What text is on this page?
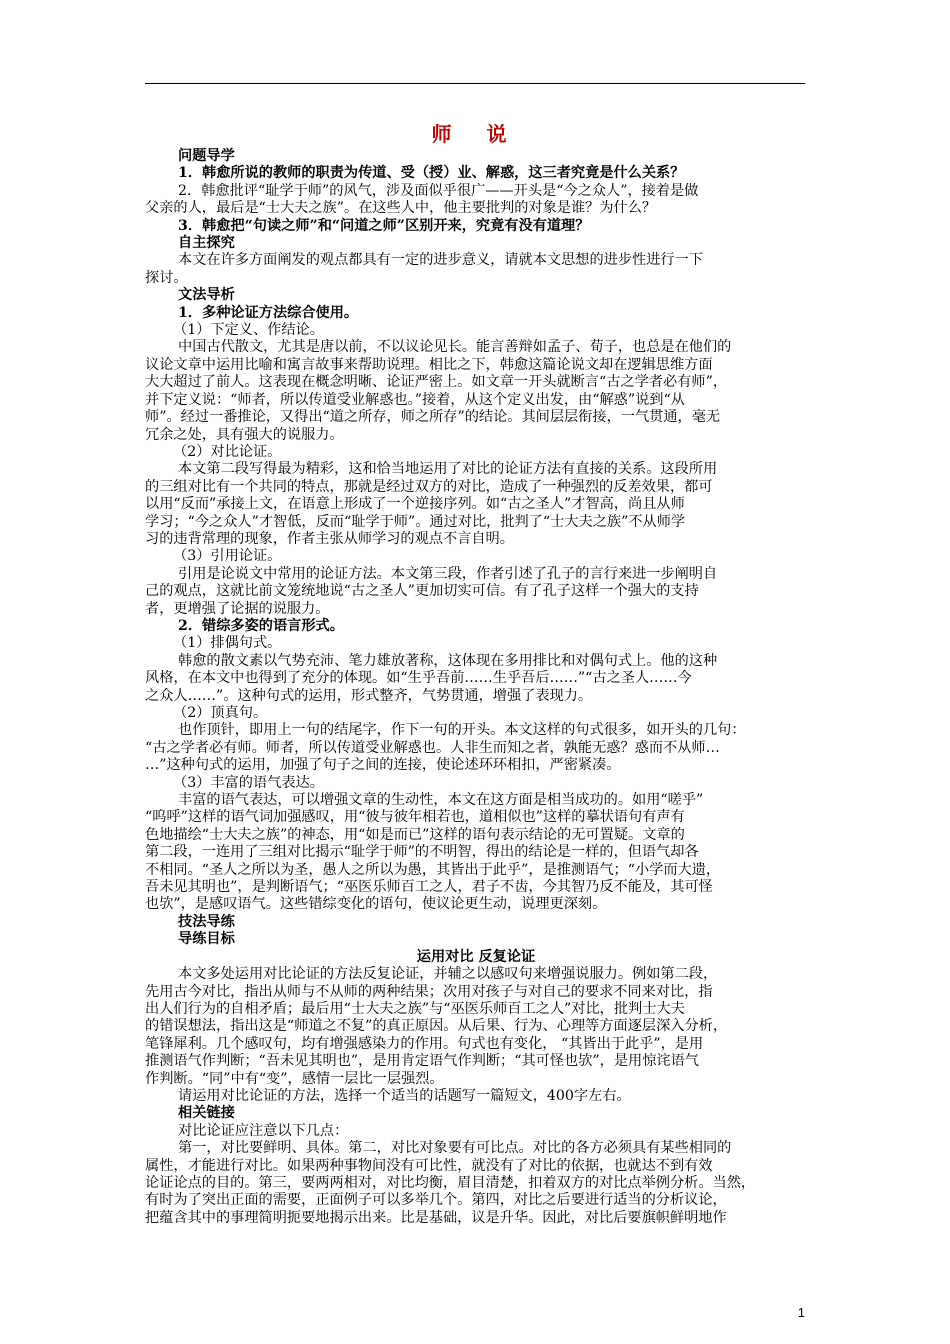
师 说
问题导学
1．韩愈所说的教师的职责为传道、受（授）业、解惑，这三者究竟是什么关系？
2．韩愈批评“耻学于师”的风气，涉及面似乎很广——开头是“今之众人”，接着是做
父亲的人，最后是“士大夫之族”。在这些人中，他主要批判的对象是谁？为什么？
3．韩愈把“句读之师”和“问道之师”区别开来，究竟有没有道理？
自主探究
本文在许多方面阐发的观点都具有一定的进步意义，请就本文思想的进步性进行一下
探讨。
文法导析
1．多种论证方法综合使用。
（1）下定义、作结论。
中国古代散文，尤其是唐以前，不以议论见长。能言善辩如孟子、荀子，也总是在他们的
议论文章中运用比喻和寓言故事来帮助说理。相比之下，韩愈这篇论说文却在逻辑思维方面
大大超过了前人。这表现在概念明晰、论证严密上。如文章一开头就断言“古之学者必有师”，
并下定义说：“师者，所以传道受业解惑也。”接着，从这个定义出发，由“解惑”说到“从
师”。经过一番推论，又得出“道之所存，师之所存”的结论。其间层层衔接，一气贯通，毫无
冗余之处，具有强大的说服力。
（2）对比论证。
本文第二段写得最为精彩，这和恰当地运用了对比的论证方法有直接的关系。这段所用
的三组对比有一个共同的特点，那就是经过双方的对比，造成了一种强烈的反差效果，都可
以用“反而”承接上文，在语意上形成了一个逆接序列。如“古之圣人”才智高，尚且从师
学习；“今之众人”才智低，反而“耻学于师”。通过对比，批判了“士大夫之族”不从师学
习的违背常理的现象，作者主张从师学习的观点不言自明。
（3）引用论证。
引用是论说文中常用的论证方法。本文第三段，作者引述了孔子的言行来进一步阐明自
己的观点，这就比前文笼统地说“古之圣人”更加切实可信。有了孔子这样一个强大的支持
者，更增强了论据的说服力。
2．错综多姿的语言形式。
（1）排偶句式。
韩愈的散文素以气势充沛、笔力雄放著称，这体现在多用排比和对偶句式上。他的这种
风格，在本文中也得到了充分的体现。如“生乎吾前……生乎吾后……”“古之圣人……今
之众人……”。这种句式的运用，形式整齐，气势贯通，增强了表现力。
（2）顶真句。
也作顶针，即用上一句的结尾字，作下一句的开头。本文这样的句式很多，如开头的几句：
“古之学者必有师。师者，所以传道受业解惑也。人非生而知之者，孰能无惑？惑而不从师…
…”这种句式的运用，加强了句子之间的连接，使论述环环相扣，严密紧凑。
（3）丰富的语气表达。
丰富的语气表达，可以增强文章的生动性，本文在这方面是相当成功的。如用“嗟乎”
“呜呼”这样的语气词加强感叹，用“彼与彼年相若也，道相似也”这样的摹状语句有声有
色地描绘“士大夫之族”的神态，用“如是而已”这样的语句表示结论的无可置疑。文章的
第二段，一连用了三组对比揭示“耻学于师”的不明智，得出的结论是一样的，但语气却各
不相同。“圣人之所以为圣，愚人之所以为愚，其皆出于此乎”，是推测语气；“小学而大遗，
吾未见其明也”，是判断语气；“巫医乐师百工之人，君子不齿，今其智乃反不能及，其可怪
也欤”，是感叹语气。这些错综变化的语句，使议论更生动，说理更深刻。
技法导练
导练目标
运用对比 反复论证
本文多处运用对比论证的方法反复论证，并辅之以感叹句来增强说服力。例如第二段，
先用古今对比，指出从师与不从师的两种结果；次用对孩子与对自己的要求不同来对比，指
出人们行为的自相矛盾；最后用“士大夫之族”与“巫医乐师百工之人”对比，批判士大夫
的错误想法，指出这是“师道之不复”的真正原因。从后果、行为、心理等方面逐层深入分析，
笔锋犀利。几个感叹句，均有增强感染力的作用。句式也有变化， “其皆出于此乎”，是用
推测语气作判断；“吾未见其明也”，是用肯定语气作判断；“其可怪也欤”，是用惊诧语气
作判断。“同”中有“变”，感情一层比一层强烈。
请运用对比论证的方法，选择一个适当的话题写一篇短文，400字左右。
相关链接
对比论证应注意以下几点：
第一，对比要鲜明、具体。第二，对比对象要有可比点。对比的各方必须具有某些相同的
属性，才能进行对比。如果两种事物间没有可比性，就没有了对比的依据，也就达不到有效
论证论点的目的。第三，要两两相对，对比均衡，眉目清楚，扣着双方的对比点举例分析。当然，
有时为了突出正面的需要，正面例子可以多举几个。第四，对比之后要进行适当的分析议论，
把蕴含其中的事理简明扼要地揭示出来。比是基础，议是升华。因此，对比后要旗帜鲜明地作
1
